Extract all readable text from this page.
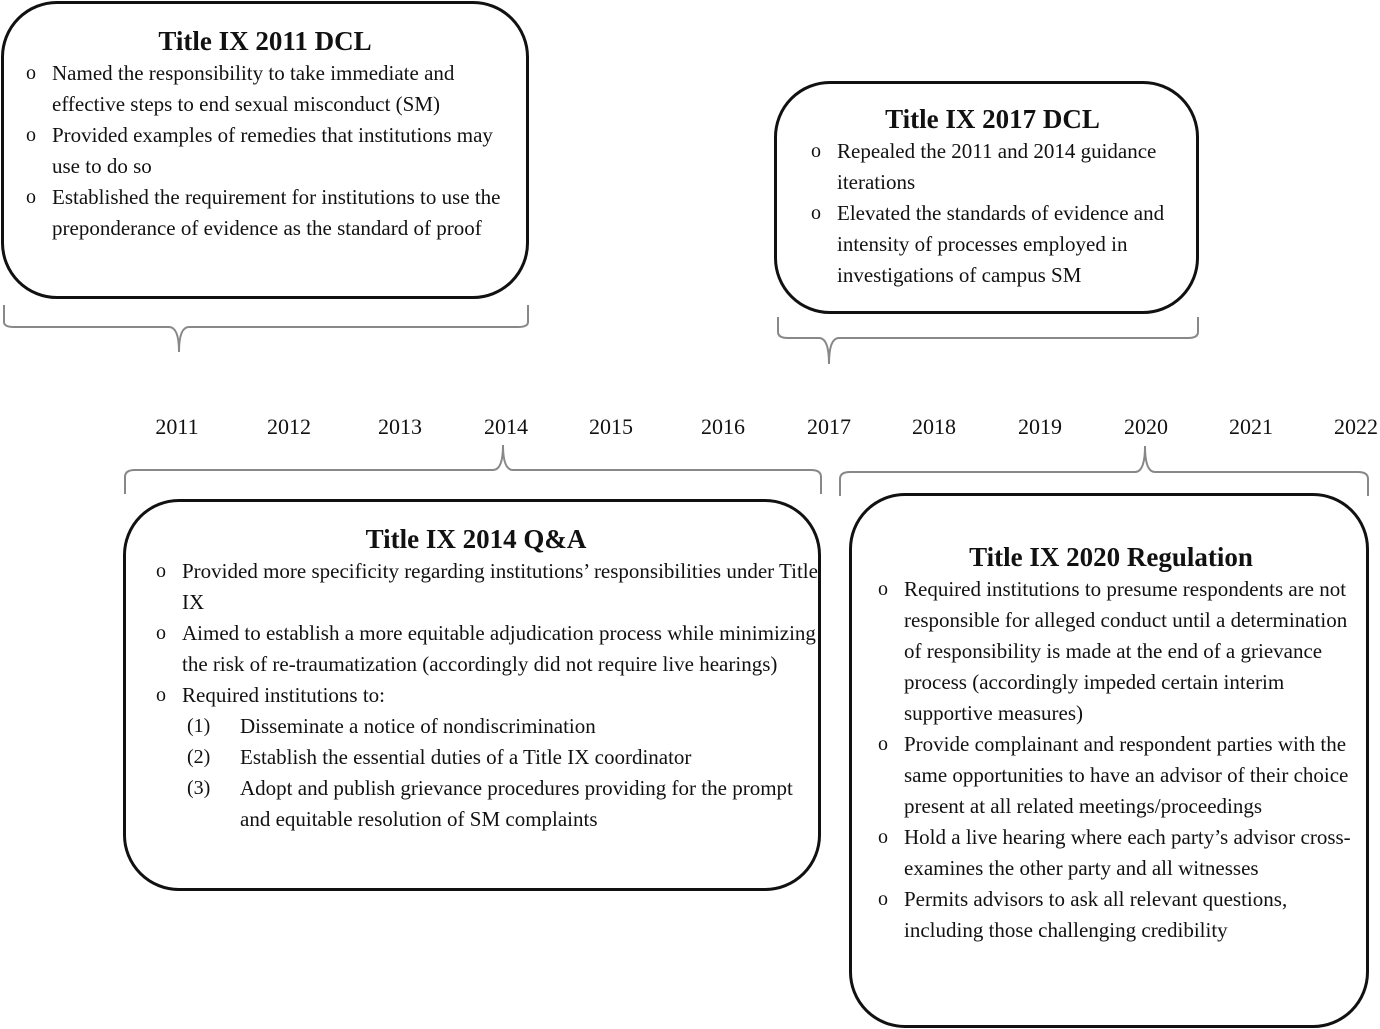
2011	2012	2013	2014	2015	2016	2017	2018	2019	2020	2021	2022
Title IX 2011 DCL
o Named the responsibility to take immediate and effective steps to end sexual misconduct (SM)
o Provided examples of remedies that institutions may use to do so
o Established the requirement for institutions to use the preponderance of evidence as the standard of proof
Title IX 2017 DCL
o Repealed the 2011 and 2014 guidance iterations
o Elevated the standards of evidence and intensity of processes employed in investigations of campus SM
Title IX 2014 Q&A
o Provided more specificity regarding institutions’ responsibilities under Title IX
o Aimed to establish a more equitable adjudication process while minimizing the risk of re-traumatization (accordingly did not require live hearings)
o Required institutions to:
(1) Disseminate a notice of nondiscrimination
(2) Establish the essential duties of a Title IX coordinator
(3) Adopt and publish grievance procedures providing for the prompt and equitable resolution of SM complaints
Title IX 2020 Regulation
o Required institutions to presume respondents are not responsible for alleged conduct until a determination of responsibility is made at the end of a grievance process (accordingly impeded certain interim supportive measures)
o Provide complainant and respondent parties with the same opportunities to have an advisor of their choice present at all related meetings/proceedings
o Hold a live hearing where each party’s advisor cross-examines the other party and all witnesses
o Permits advisors to ask all relevant questions, including those challenging credibility
